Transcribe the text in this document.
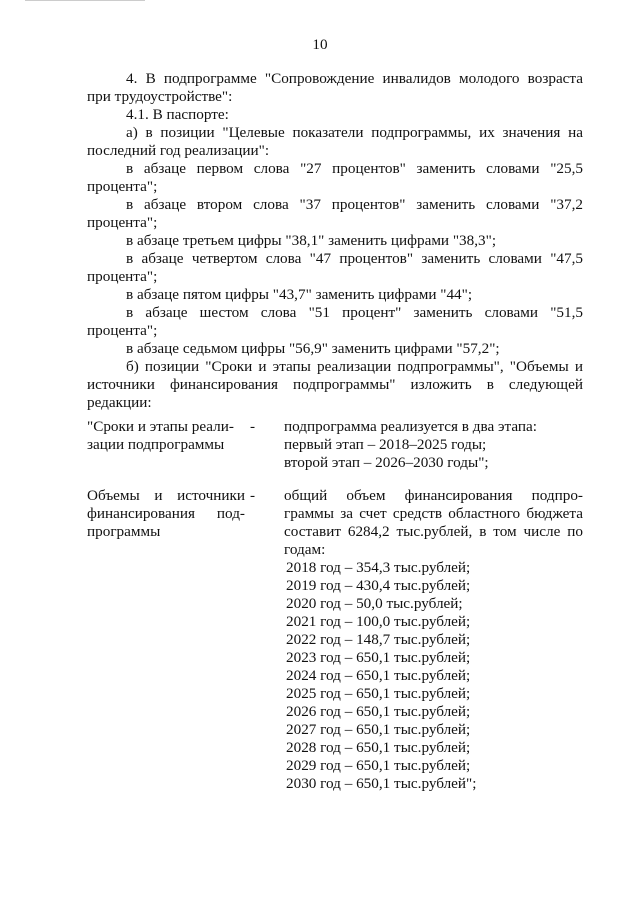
10

4. В подпрограмме "Сопровождение инвалидов молодого возраста при трудоустройстве":

4.1. В паспорте:

а) в позиции "Целевые показатели подпрограммы, их значения на последний год реализации":

в абзаце первом слова "27 процентов" заменить словами "25,5 процента";

в абзаце втором слова "37 процентов" заменить словами "37,2 процента";

в абзаце третьем цифры "38,1" заменить цифрами "38,3";

в абзаце четвертом слова "47 процентов" заменить словами "47,5 процента";

в абзаце пятом цифры "43,7" заменить цифрами "44";

в абзаце шестом слова "51 процент" заменить словами "51,5 процента";

в абзаце седьмом цифры "56,9" заменить цифрами "57,2";

б) позиции "Сроки и этапы реализации подпрограммы", "Объемы и источники финансирования подпрограммы" изложить в следующей редакции:

"Сроки и этапы реали- зации подпрограммы
- подпрограмма реализуется в два этапа:
первый этап – 2018–2025 годы;
второй этап – 2026–2030 годы";
Объемы и источники финансирования под- программы
- общий объем финансирования подпро- граммы за счет средств областного бюджета составит 6284,2 тыс.рублей, в том числе по годам:

2018 год – 354,3 тыс.рублей;
2019 год – 430,4 тыс.рублей;
2020 год – 50,0 тыс.рублей;
2021 год – 100,0 тыс.рублей;
2022 год – 148,7 тыс.рублей;
2023 год – 650,1 тыс.рублей;
2024 год – 650,1 тыс.рублей;
2025 год – 650,1 тыс.рублей;
2026 год – 650,1 тыс.рублей;
2027 год – 650,1 тыс.рублей;
2028 год – 650,1 тыс.рублей;
2029 год – 650,1 тыс.рублей;
2030 год – 650,1 тыс.рублей";
